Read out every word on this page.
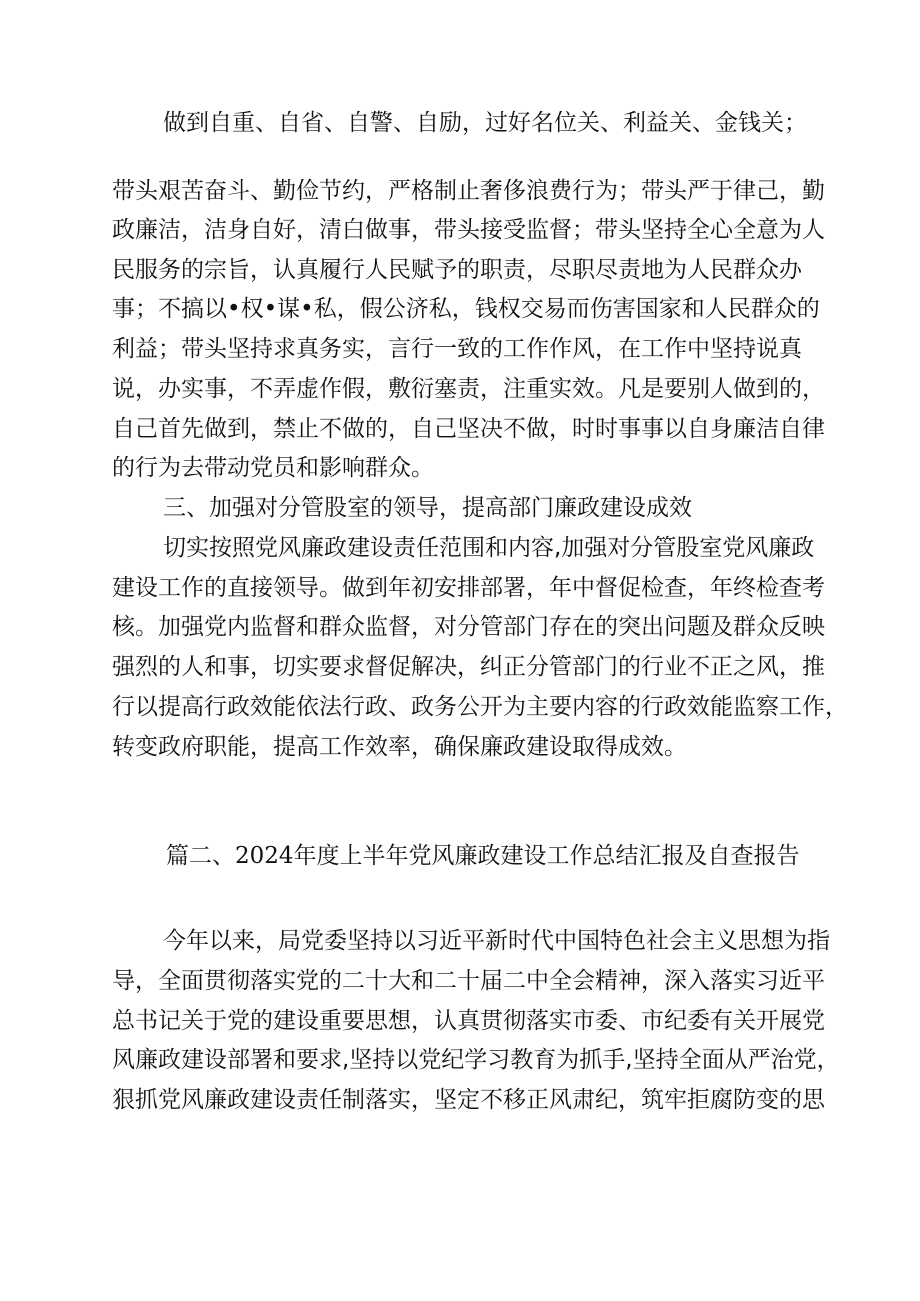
做到自重、自省、自警、自励，过好名位关、利益关、金钱关；
带头艰苦奋斗、勤俭节约，严格制止奢侈浪费行为；带头严于律己，勤
政廉洁，洁身自好，清白做事，带头接受监督；带头坚持全心全意为人
民服务的宗旨，认真履行人民赋予的职责，尽职尽责地为人民群众办
事；不搞以•权•谋•私，假公济私，钱权交易而伤害国家和人民群众的
利益；带头坚持求真务实，言行一致的工作作风，在工作中坚持说真
说，办实事，不弄虚作假，敷衍塞责，注重实效。凡是要别人做到的，
自己首先做到，禁止不做的，自己坚决不做，时时事事以自身廉洁自律
的行为去带动党员和影响群众。
三、加强对分管股室的领导，提高部门廉政建设成效
切实按照党风廉政建设责任范围和内容,加强对分管股室党风廉政
建设工作的直接领导。做到年初安排部署，年中督促检查，年终检查考
核。加强党内监督和群众监督，对分管部门存在的突出问题及群众反映
强烈的人和事，切实要求督促解决，纠正分管部门的行业不正之风，推
行以提高行政效能依法行政、政务公开为主要内容的行政效能监察工作，
转变政府职能，提高工作效率，确保廉政建设取得成效。
篇二、2024年度上半年党风廉政建设工作总结汇报及自查报告
今年以来，局党委坚持以习近平新时代中国特色社会主义思想为指
导，全面贯彻落实党的二十大和二十届二中全会精神，深入落实习近平
总书记关于党的建设重要思想，认真贯彻落实市委、市纪委有关开展党
风廉政建设部署和要求,坚持以党纪学习教育为抓手,坚持全面从严治党，
狠抓党风廉政建设责任制落实，坚定不移正风肃纪，筑牢拒腐防变的思
